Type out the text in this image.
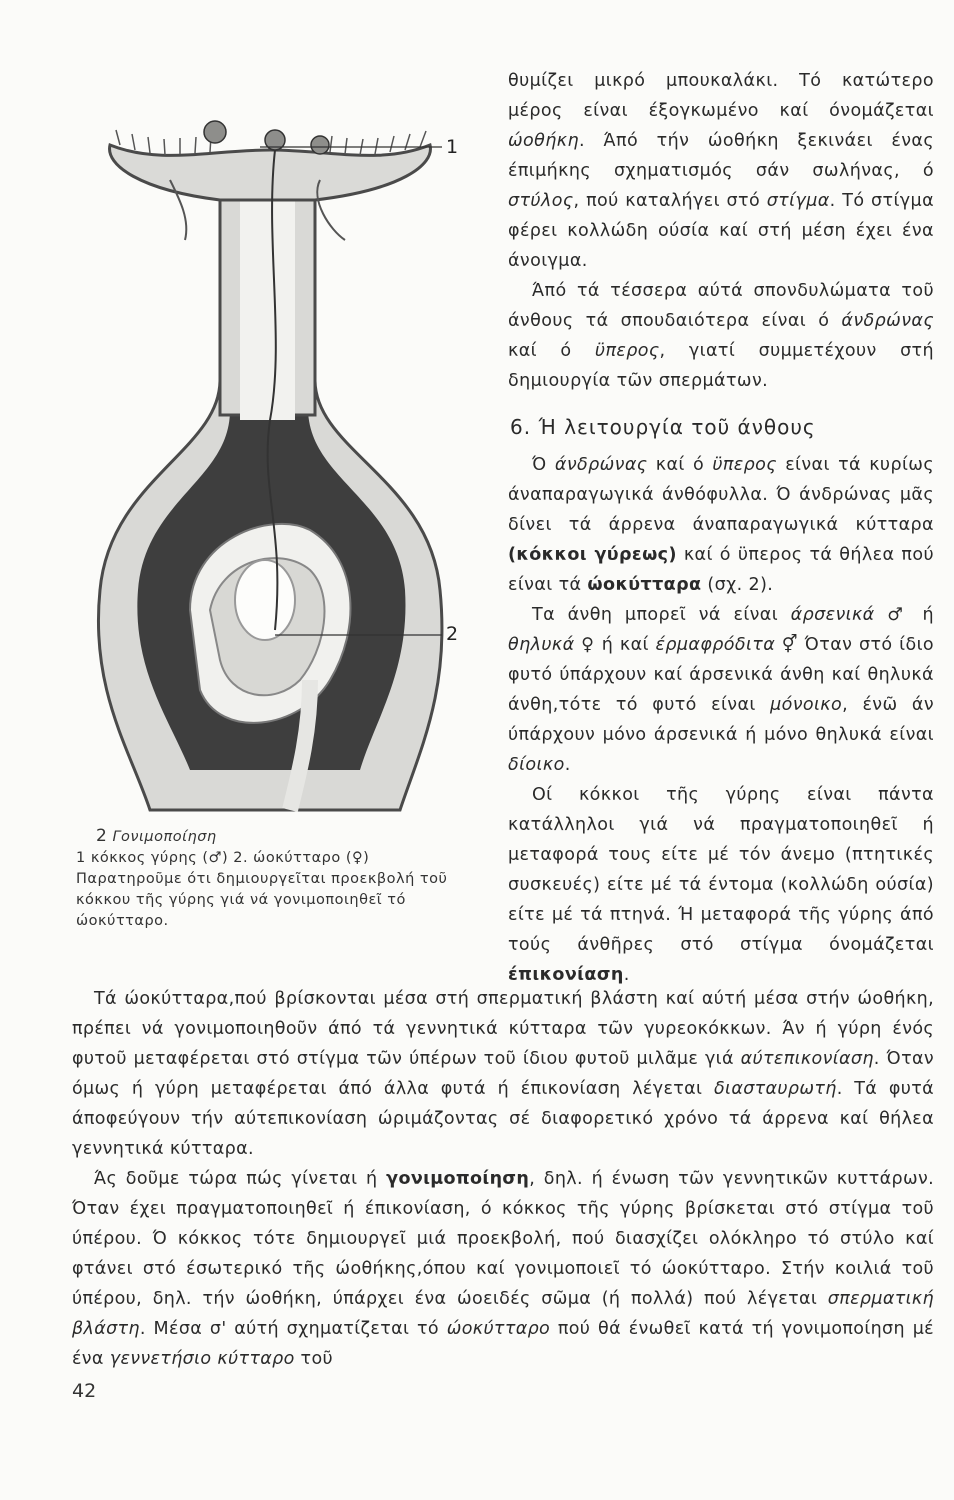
1
2
2 Γονιμοποίηση
1 κόκκος γύρης (♂) 2. ώοκύτταρο (♀)
Παρατηροῦμε ότι δημιουργεῖται προεκβολή τοῦ κόκκου τῆς γύρης γιά νά γονιμοποιηθεῖ τό ώοκύτταρο.

θυμίζει μικρό μπουκαλάκι. Τό κατώτερο μέρος είναι έξογκωμένο καί όνομάζεται ώοθήκη. Άπό τήν ώοθήκη ξεκινάει ένας έπιμήκης σχηματισμός σάν σωλήνας, ό στύλος, πού καταλήγει στό στίγμα. Τό στίγμα φέρει κολλώδη ούσία καί στή μέση έχει ένα άνοιγμα.

Άπό τά τέσσερα αύτά σπονδυλώματα τοῦ άνθους τά σπουδαιότερα είναι ό άνδρώνας καί ό ϋπερος, γιατί συμμετέχουν στή δημιουργία τῶν σπερμάτων.

6. Ή λειτουργία τοῦ άνθους

Ό άνδρώνας καί ό ϋπερος είναι τά κυρίως άναπαραγωγικά άνθόφυλλα. Ό άνδρώνας μᾶς δίνει τά άρρενα άναπαραγωγικά κύτταρα (κόκκοι γύρεως) καί ό ϋπερος τά θήλεα πού είναι τά ώοκύτταρα (σχ. 2).

Τα άνθη μπορεῖ νά είναι άρσενικά ♂ ή θηλυκά ♀ ή καί έρμαφρόδιτα ⚥ Όταν στό ίδιο φυτό ύπάρχουν καί άρσενικά άνθη καί θηλυκά άνθη,τότε τό φυτό είναι μόνοικο, ένῶ άν ύπάρχουν μόνο άρσενικά ή μόνο θηλυκά είναι δίοικο.

Οί κόκκοι τῆς γύρης είναι πάντα κατάλληλοι γιά νά πραγματοποιηθεῖ ή μεταφορά τους είτε μέ τόν άνεμο (πτητικές συσκευές) είτε μέ τά έντομα (κολλώδη ούσία) είτε μέ τά πτηνά. Ή μεταφορά τῆς γύρης άπό τούς άνθῆρες στό στίγμα όνομάζεται έπικονίαση.

Τά ώοκύτταρα,πού βρίσκονται μέσα στή σπερματική βλάστη καί αύτή μέσα στήν ώοθήκη, πρέπει νά γονιμοποιηθοῦν άπό τά γεννητικά κύτταρα τῶν γυρεοκόκκων. Άν ή γύρη ένός φυτοῦ μεταφέρεται στό στίγμα τῶν ύπέρων τοῦ ίδιου φυτοῦ μιλᾶμε γιά αύτεπικονίαση. Όταν όμως ή γύρη μεταφέρεται άπό άλλα φυτά ή έπικονίαση λέγεται διασταυρωτή. Τά φυτά άποφεύγουν τήν αύτεπικονίαση ώριμάζοντας σέ διαφορετικό χρόνο τά άρρενα καί θήλεα γεννητικά κύτταρα.

Άς δοῦμε τώρα πώς γίνεται ή γονιμοποίηση, δηλ. ή ένωση τῶν γεννητικῶν κυττάρων. Όταν έχει πραγματοποιηθεῖ ή έπικονίαση, ό κόκκος τῆς γύρης βρίσκεται στό στίγμα τοῦ ύπέρου. Ό κόκκος τότε δημιουργεῖ μιά προεκβολή, πού διασχίζει ολόκληρο τό στύλο καί φτάνει στό έσωτερικό τῆς ώοθήκης,όπου καί γονιμοποιεῖ τό ώοκύτταρο. Στήν κοιλιά τοῦ ύπέρου, δηλ. τήν ώοθήκη, ύπάρχει ένα ώοειδές σῶμα (ή πολλά) πού λέγεται σπερματική βλάστη. Μέσα σ' αύτή σχηματίζεται τό ώοκύτταρο πού θά ένωθεῖ κατά τή γονιμοποίηση μέ ένα γεννετήσιο κύτταρο τοῦ

42
